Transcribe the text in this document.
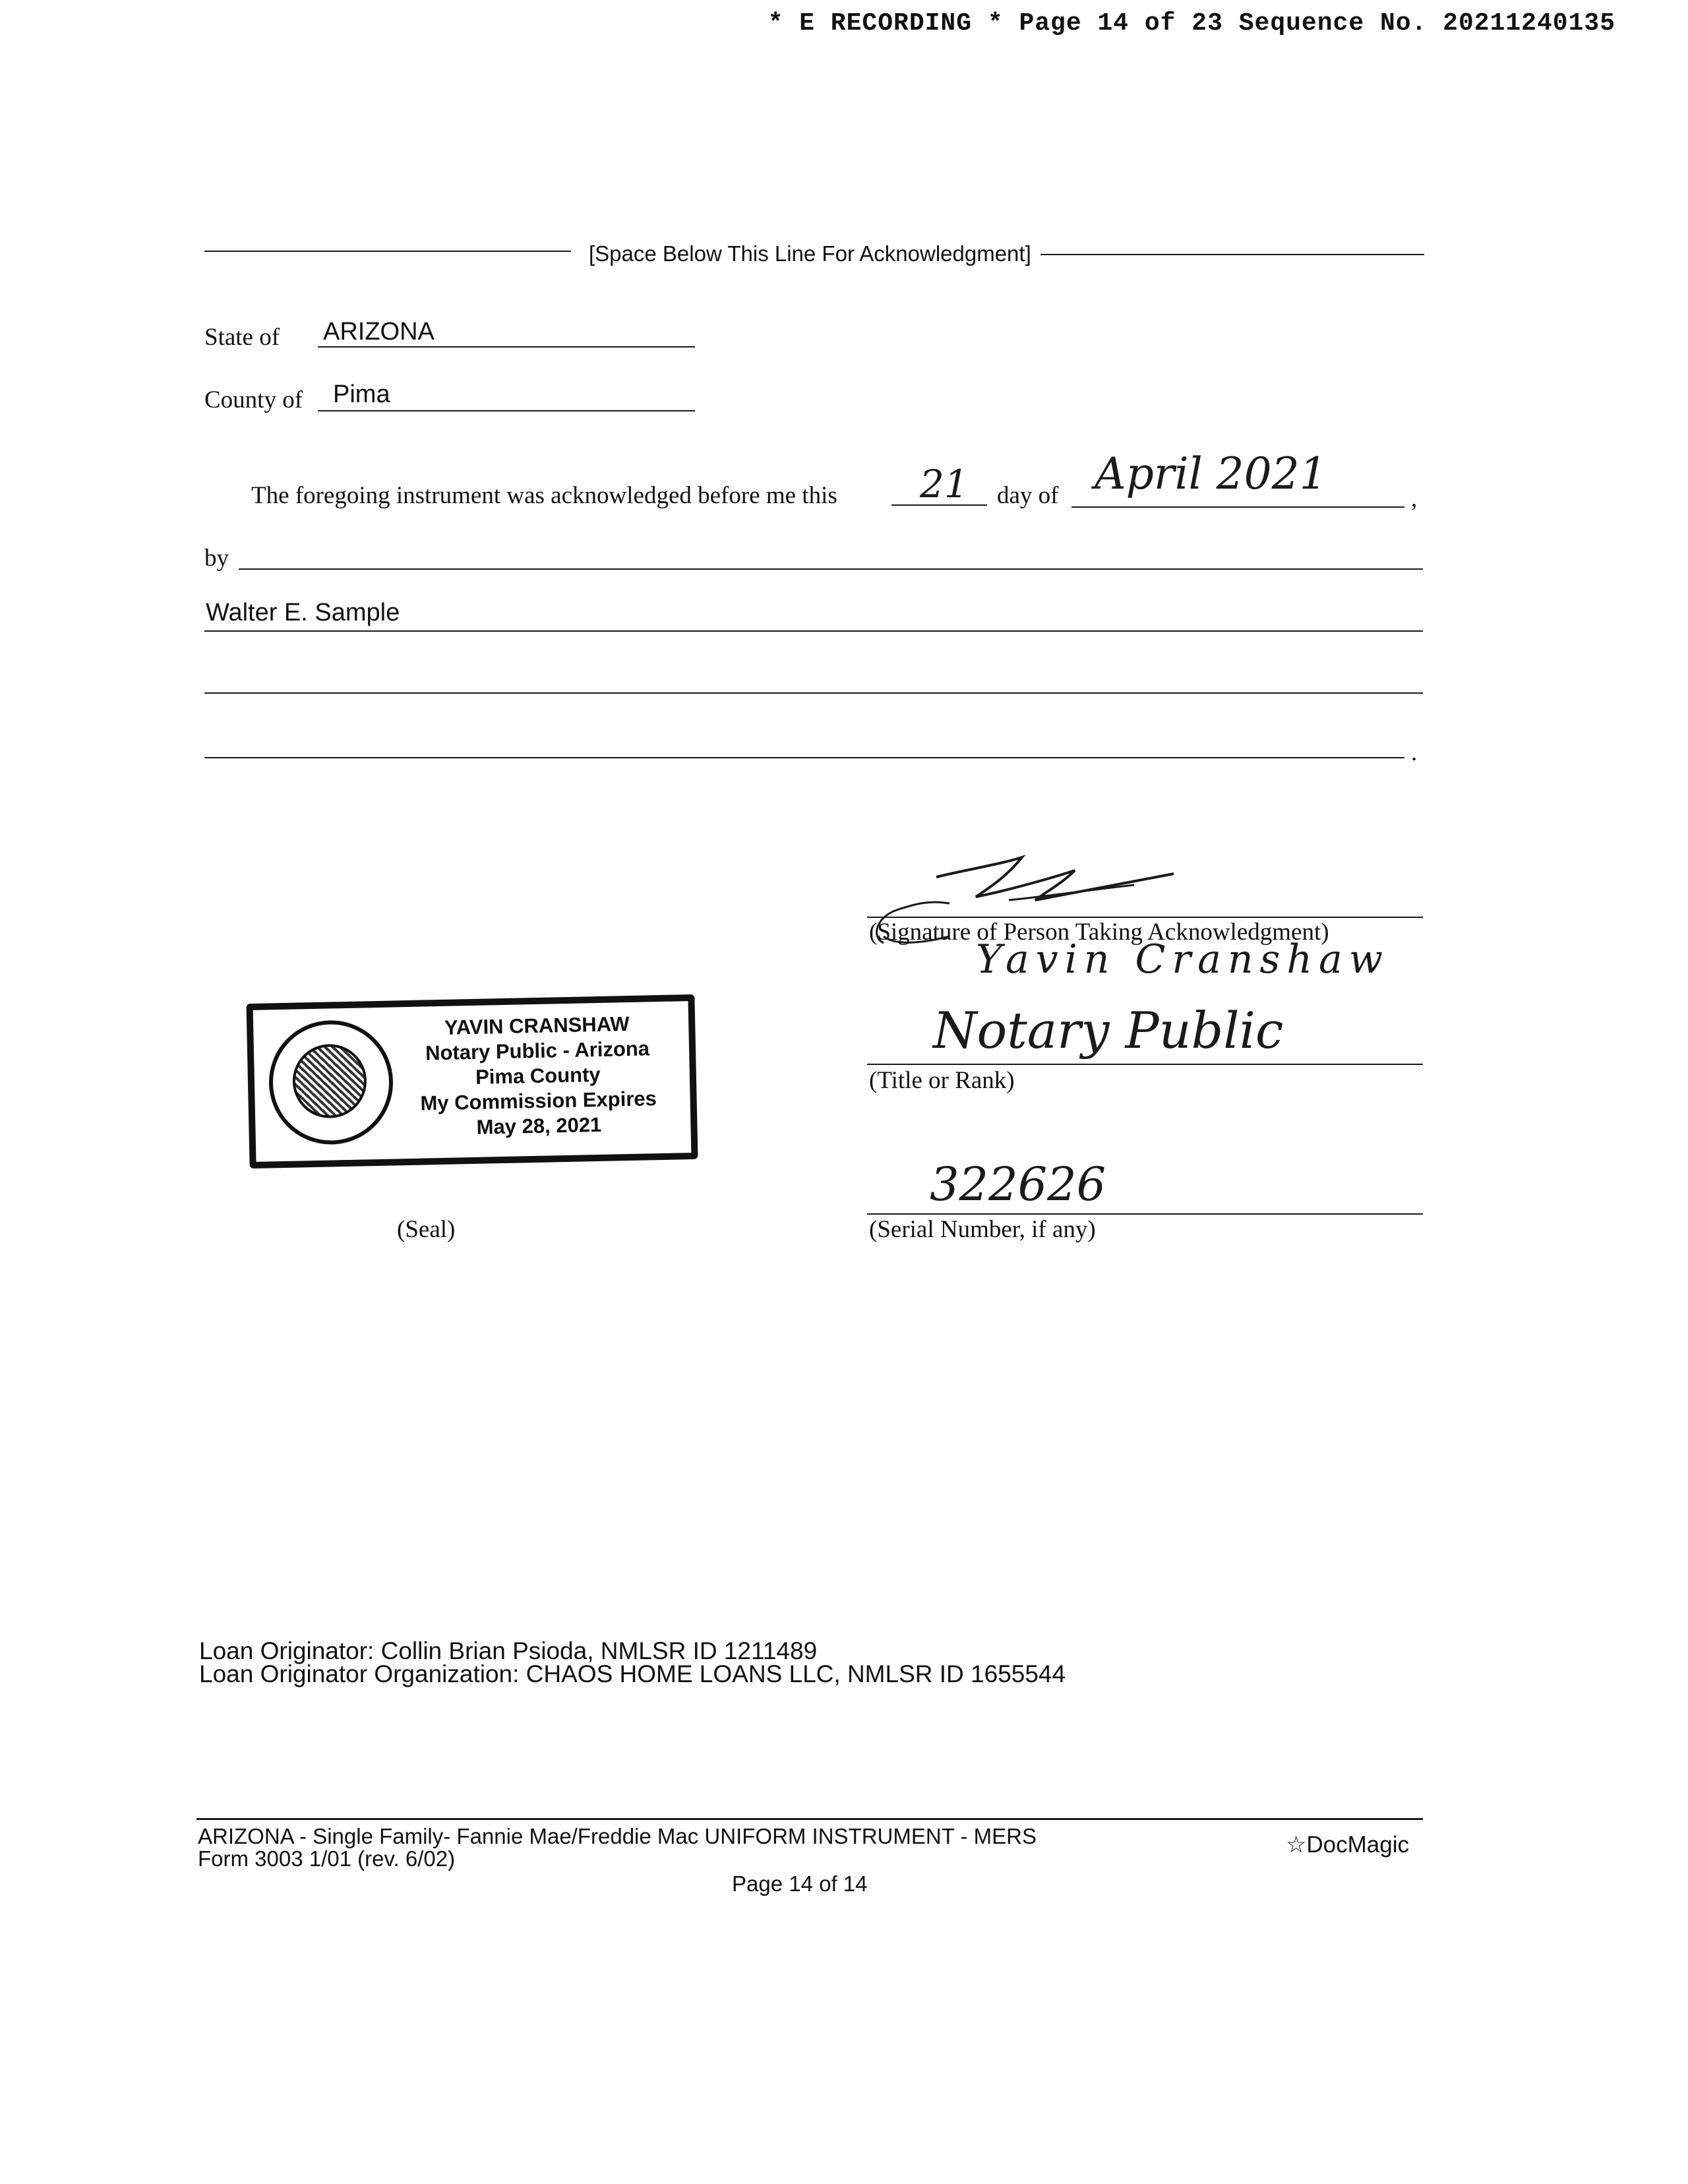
* E RECORDING * Page 14 of 23 Sequence No. 20211240135
[Space Below This Line For Acknowledgment]
State of ARIZONA
County of Pima
The foregoing instrument was acknowledged before me this 21 day of April 2021	,
by
Walter E. Sample
.
(Signature of Person Taking Acknowledgment)
Yavin Cranshaw
Notary Public
(Title or Rank)
322626
(Serial Number, if any)
YAVIN CRANSHAW
Notary Public - Arizona
Pima County
My Commission Expires
May 28, 2021
(Seal)
Loan Originator: Collin Brian Psioda, NMLSR ID 1211489
Loan Originator Organization: CHAOS HOME LOANS LLC, NMLSR ID 1655544
ARIZONA - Single Family- Fannie Mae/Freddie Mac UNIFORM INSTRUMENT - MERS
Form 3003 1/01 (rev. 6/02)
☆DocMagic
Page 14 of 14
